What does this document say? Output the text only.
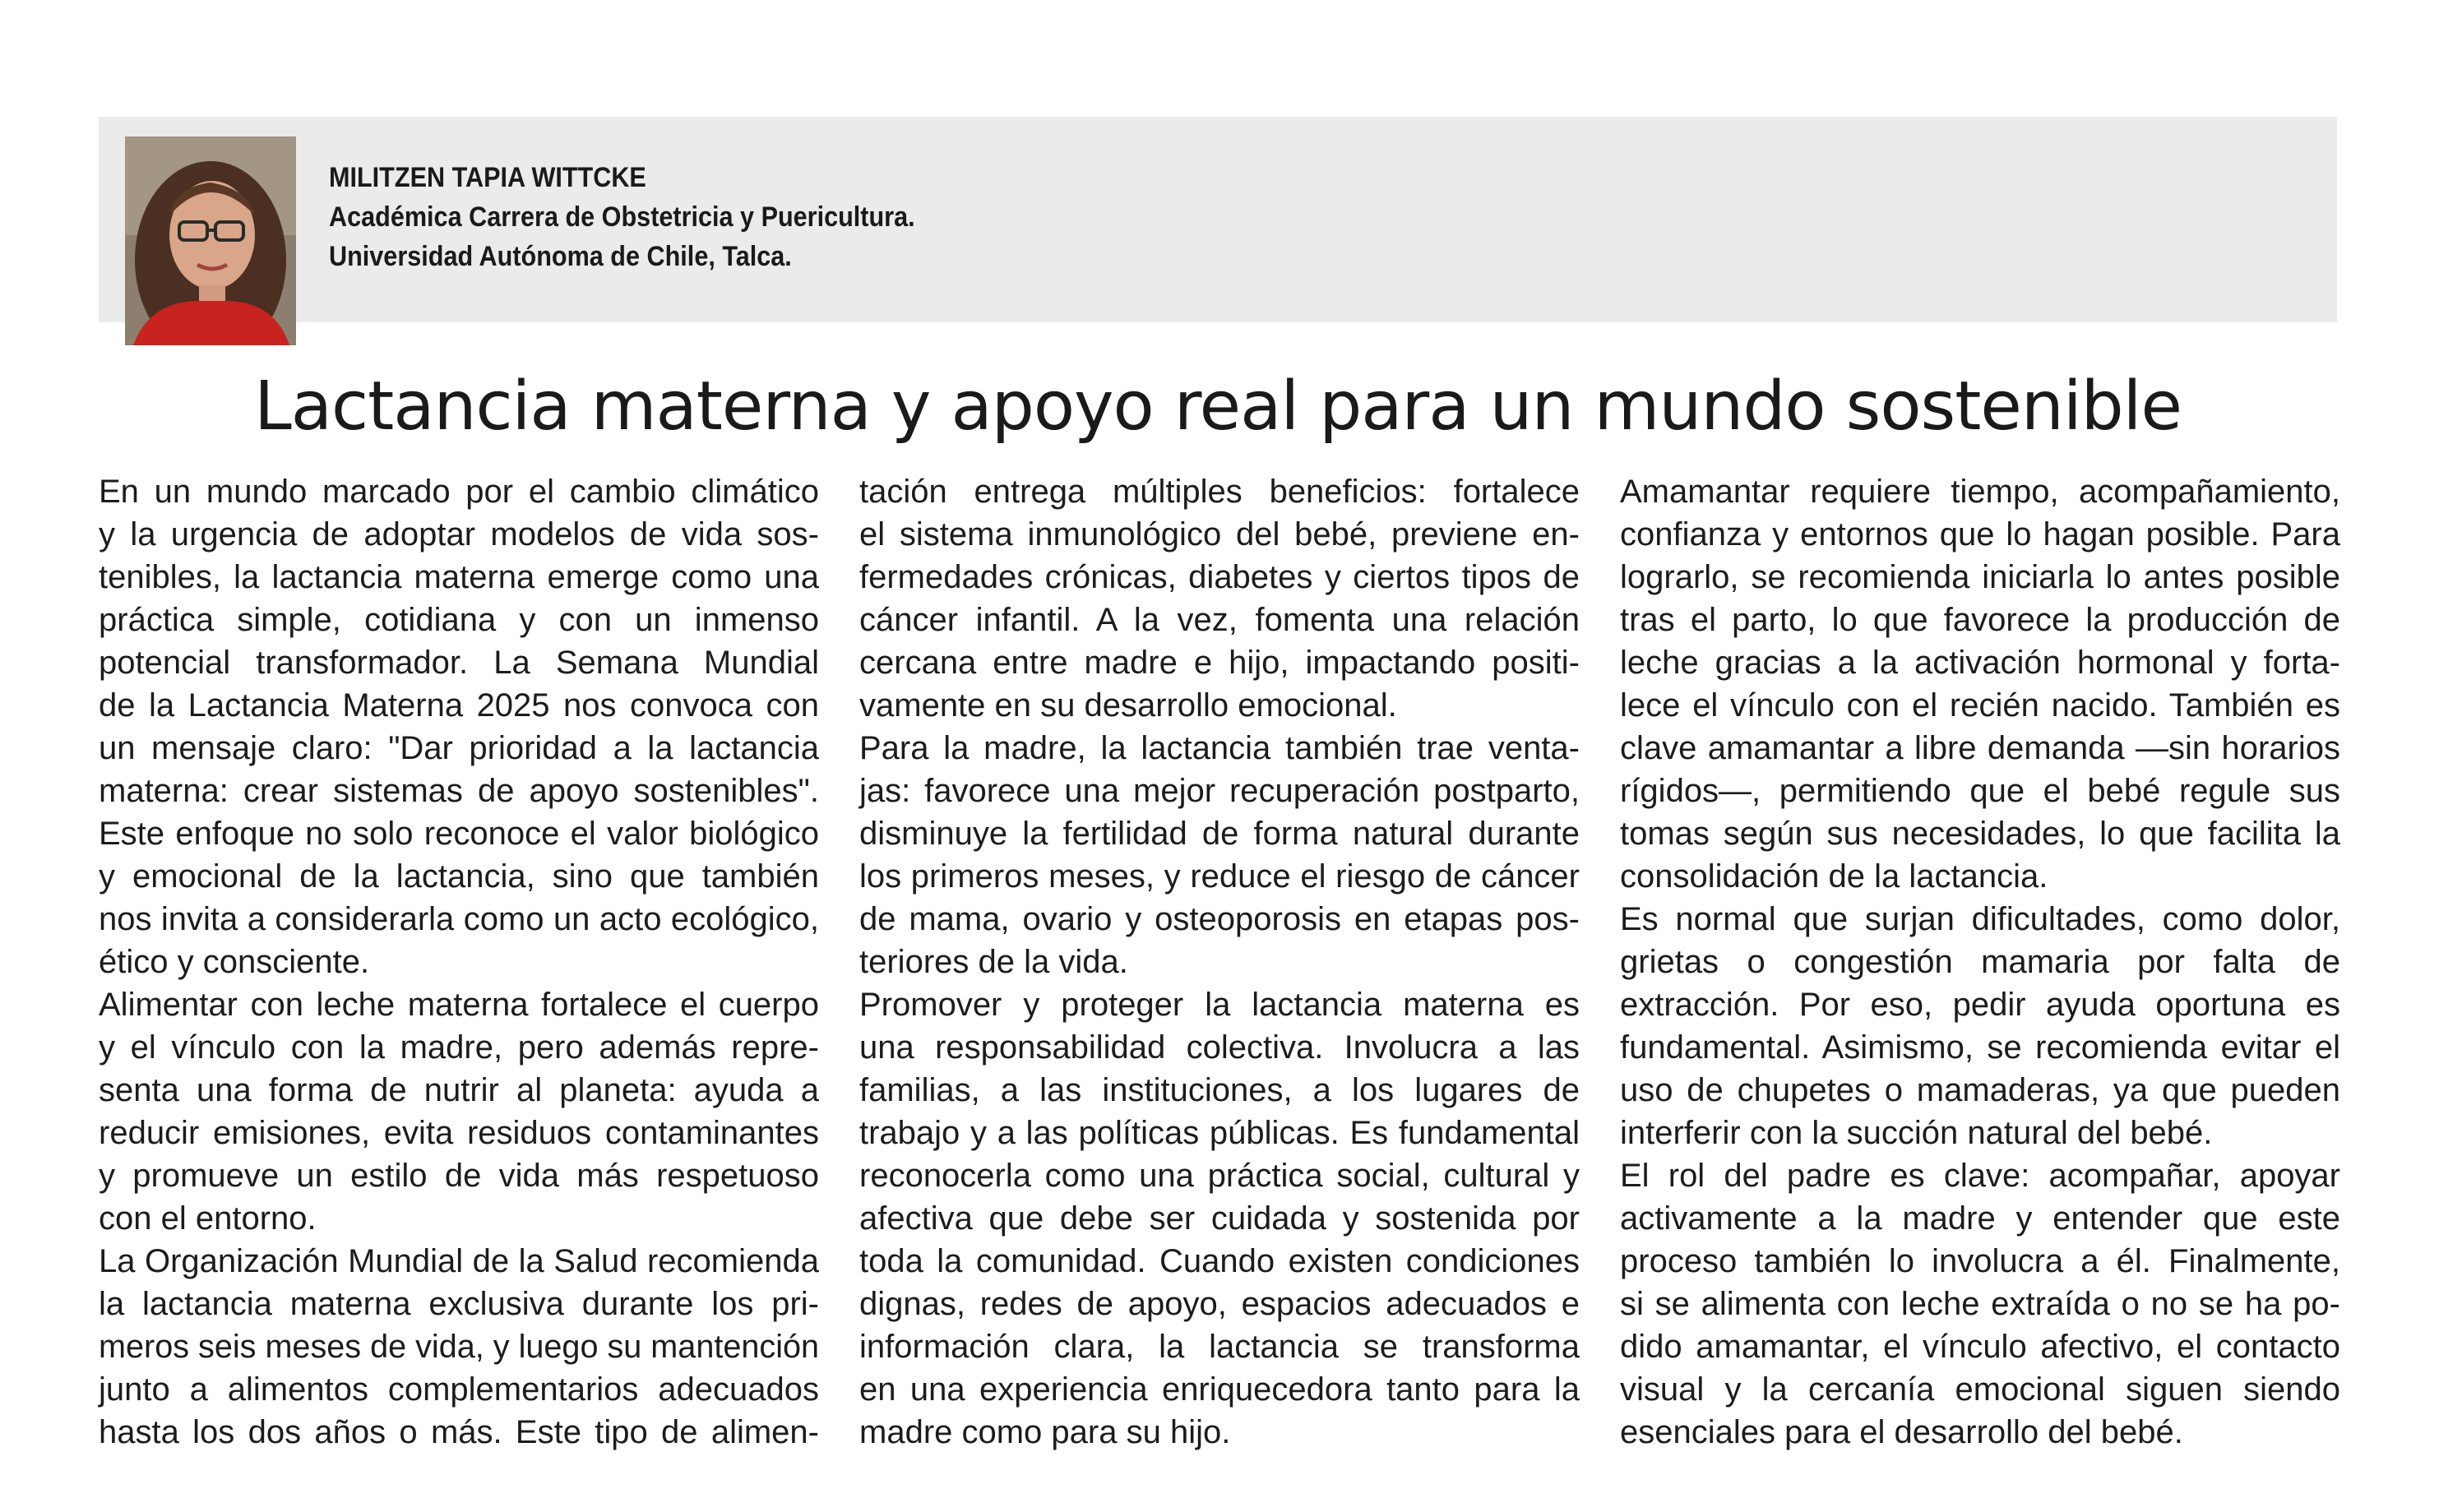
MILITZEN TAPIA WITTCKE
Académica Carrera de Obstetricia y Puericultura.
Universidad Autónoma de Chile, Talca.
Lactancia materna y apoyo real para un mundo sostenible
En un mundo marcado por el cambio climático
y la urgencia de adoptar modelos de vida sos-
tenibles, la lactancia materna emerge como una
práctica simple, cotidiana y con un inmenso
potencial transformador. La Semana Mundial
de la Lactancia Materna 2025 nos convoca con
un mensaje claro: "Dar prioridad a la lactancia
materna: crear sistemas de apoyo sostenibles".
Este enfoque no solo reconoce el valor biológico
y emocional de la lactancia, sino que también
nos invita a considerarla como un acto ecológico,
ético y consciente.
Alimentar con leche materna fortalece el cuerpo
y el vínculo con la madre, pero además repre-
senta una forma de nutrir al planeta: ayuda a
reducir emisiones, evita residuos contaminantes
y promueve un estilo de vida más respetuoso
con el entorno.
La Organización Mundial de la Salud recomienda
la lactancia materna exclusiva durante los pri-
meros seis meses de vida, y luego su mantención
junto a alimentos complementarios adecuados
hasta los dos años o más. Este tipo de alimen-
tación entrega múltiples beneficios: fortalece
el sistema inmunológico del bebé, previene en-
fermedades crónicas, diabetes y ciertos tipos de
cáncer infantil. A la vez, fomenta una relación
cercana entre madre e hijo, impactando positi-
vamente en su desarrollo emocional.
Para la madre, la lactancia también trae venta-
jas: favorece una mejor recuperación postparto,
disminuye la fertilidad de forma natural durante
los primeros meses, y reduce el riesgo de cáncer
de mama, ovario y osteoporosis en etapas pos-
teriores de la vida.
Promover y proteger la lactancia materna es
una responsabilidad colectiva. Involucra a las
familias, a las instituciones, a los lugares de
trabajo y a las políticas públicas. Es fundamental
reconocerla como una práctica social, cultural y
afectiva que debe ser cuidada y sostenida por
toda la comunidad. Cuando existen condiciones
dignas, redes de apoyo, espacios adecuados e
información clara, la lactancia se transforma
en una experiencia enriquecedora tanto para la
madre como para su hijo.
Amamantar requiere tiempo, acompañamiento,
confianza y entornos que lo hagan posible. Para
lograrlo, se recomienda iniciarla lo antes posible
tras el parto, lo que favorece la producción de
leche gracias a la activación hormonal y forta-
lece el vínculo con el recién nacido. También es
clave amamantar a libre demanda —sin horarios
rígidos—, permitiendo que el bebé regule sus
tomas según sus necesidades, lo que facilita la
consolidación de la lactancia.
Es normal que surjan dificultades, como dolor,
grietas o congestión mamaria por falta de
extracción. Por eso, pedir ayuda oportuna es
fundamental. Asimismo, se recomienda evitar el
uso de chupetes o mamaderas, ya que pueden
interferir con la succión natural del bebé.
El rol del padre es clave: acompañar, apoyar
activamente a la madre y entender que este
proceso también lo involucra a él. Finalmente,
si se alimenta con leche extraída o no se ha po-
dido amamantar, el vínculo afectivo, el contacto
visual y la cercanía emocional siguen siendo
esenciales para el desarrollo del bebé.
